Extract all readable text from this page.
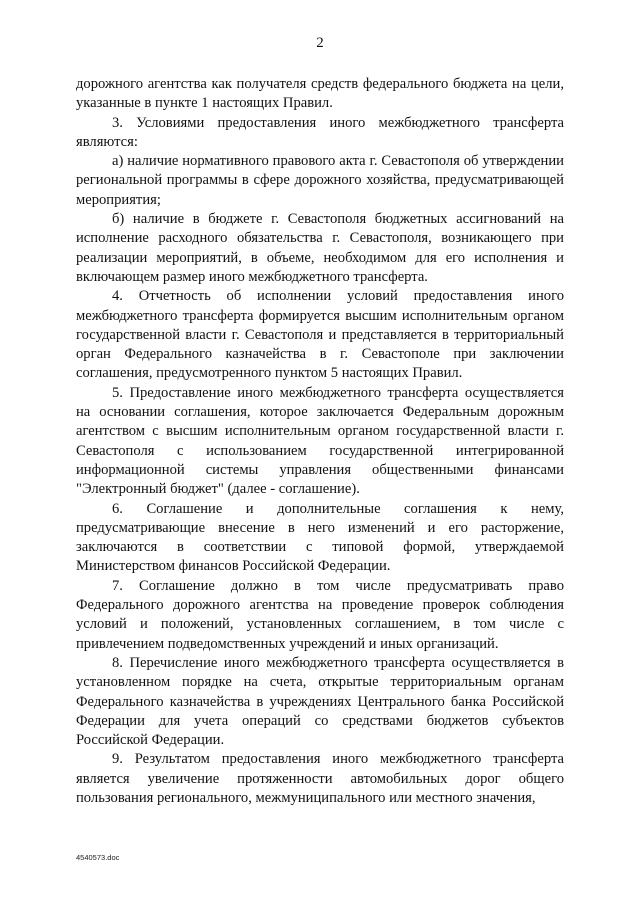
2

дорожного агентства как получателя средств федерального бюджета на цели, указанные в пункте 1 настоящих Правил.

3. Условиями предоставления иного межбюджетного трансферта являются:

а) наличие нормативного правового акта г. Севастополя об утверждении региональной программы в сфере дорожного хозяйства, предусматривающей мероприятия;

б) наличие в бюджете г. Севастополя бюджетных ассигнований на исполнение расходного обязательства г. Севастополя, возникающего при реализации мероприятий, в объеме, необходимом для его исполнения и включающем размер иного межбюджетного трансферта.

4. Отчетность об исполнении условий предоставления иного межбюджетного трансферта формируется высшим исполнительным органом государственной власти г. Севастополя и представляется в территориальный орган Федерального казначейства в г. Севастополе при заключении соглашения, предусмотренного пунктом 5 настоящих Правил.

5. Предоставление иного межбюджетного трансферта осуществляется на основании соглашения, которое заключается Федеральным дорожным агентством с высшим исполнительным органом государственной власти г. Севастополя с использованием государственной интегрированной информационной системы управления общественными финансами "Электронный бюджет" (далее - соглашение).

6. Соглашение и дополнительные соглашения к нему, предусматривающие внесение в него изменений и его расторжение, заключаются в соответствии с типовой формой, утверждаемой Министерством финансов Российской Федерации.

7. Соглашение должно в том числе предусматривать право Федерального дорожного агентства на проведение проверок соблюдения условий и положений, установленных соглашением, в том числе с привлечением подведомственных учреждений и иных организаций.

8. Перечисление иного межбюджетного трансферта осуществляется в установленном порядке на счета, открытые территориальным органам Федерального казначейства в учреждениях Центрального банка Российской Федерации для учета операций со средствами бюджетов субъектов Российской Федерации.

9. Результатом предоставления иного межбюджетного трансферта является увеличение протяженности автомобильных дорог общего пользования регионального, межмуниципального или местного значения,

4540573.doc
